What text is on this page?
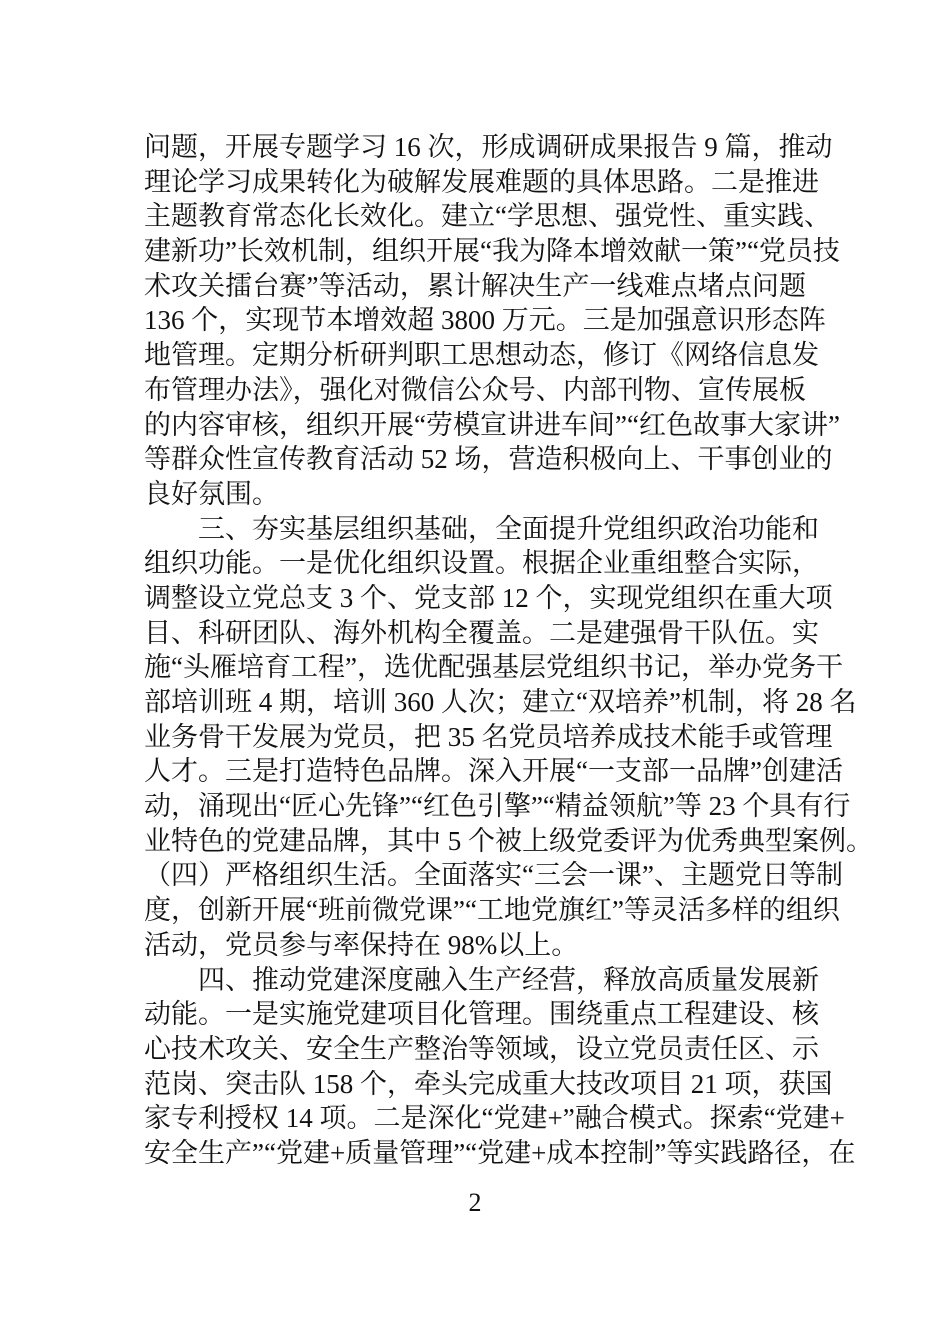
问题，开展专题学习 16 次，形成调研成果报告 9 篇，推动
理论学习成果转化为破解发展难题的具体思路。二是推进
主题教育常态化长效化。建立“学思想、强党性、重实践、
建新功”长效机制，组织开展“我为降本增效献一策”“党员技
术攻关擂台赛”等活动，累计解决生产一线难点堵点问题
136 个，实现节本增效超 3800 万元。三是加强意识形态阵
地管理。定期分析研判职工思想动态，修订《网络信息发
布管理办法》，强化对微信公众号、内部刊物、宣传展板
的内容审核，组织开展“劳模宣讲进车间”“红色故事大家讲”
等群众性宣传教育活动 52 场，营造积极向上、干事创业的
良好氛围。
三、夯实基层组织基础，全面提升党组织政治功能和
组织功能。一是优化组织设置。根据企业重组整合实际，
调整设立党总支 3 个、党支部 12 个，实现党组织在重大项
目、科研团队、海外机构全覆盖。二是建强骨干队伍。实
施“头雁培育工程”，选优配强基层党组织书记，举办党务干
部培训班 4 期，培训 360 人次；建立“双培养”机制，将 28 名
业务骨干发展为党员，把 35 名党员培养成技术能手或管理
人才。三是打造特色品牌。深入开展“一支部一品牌”创建活
动，涌现出“匠心先锋”“红色引擎”“精益领航”等 23 个具有行
业特色的党建品牌，其中 5 个被上级党委评为优秀典型案例。
（四）严格组织生活。全面落实“三会一课”、主题党日等制
度，创新开展“班前微党课”“工地党旗红”等灵活多样的组织
活动，党员参与率保持在 98%以上。
四、推动党建深度融入生产经营，释放高质量发展新
动能。一是实施党建项目化管理。围绕重点工程建设、核
心技术攻关、安全生产整治等领域，设立党员责任区、示
范岗、突击队 158 个，牵头完成重大技改项目 21 项，获国
家专利授权 14 项。二是深化“党建+”融合模式。探索“党建+
安全生产”“党建+质量管理”“党建+成本控制”等实践路径，在
2
